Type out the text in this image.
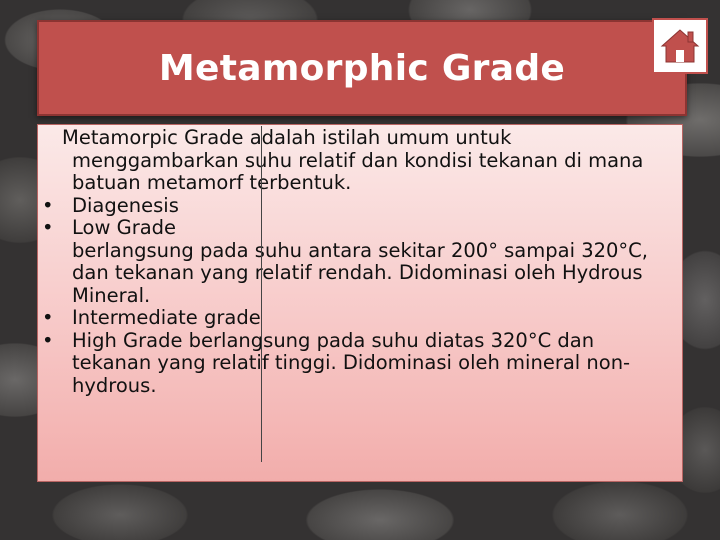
Metamorphic Grade

Metamorpic Grade adalah istilah umum untuk menggambarkan suhu relatif dan kondisi tekanan di mana batuan metamorf terbentuk.

• Diagenesis
• Low Grade

berlangsung pada suhu antara sekitar 200° sampai 320°C, dan tekanan yang relatif rendah. Didominasi oleh Hydrous Mineral.

• Intermediate grade
• High Grade berlangsung pada suhu diatas 320°C dan tekanan yang relatif tinggi. Didominasi oleh mineral non-hydrous.
